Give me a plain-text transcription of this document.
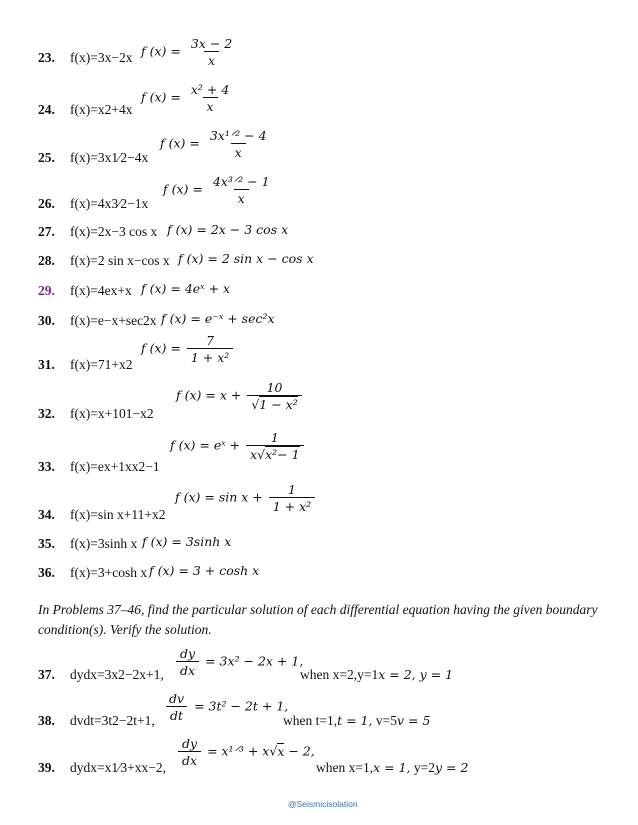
23. f(x)=3x−2x f $(x) = \frac{3x - 2}{x}$
24. f(x)=x2+4x
f $(x) = \frac{\text{x² + 4}}{x}$
25. f(x)=3x1⁄2−4x
f $(x) = \frac{\text{3x¹ᐟ² − 4}}{x}$
26. f(x)=4x3⁄2−1x
f $(x) = \frac{\text{4x³ᐟ² − 1}}{x}$
27. f(x)=2x−3 cos x f (x) = 2x − 3 cos x
28. f(x)=2 sin x−cos x f (x) = 2 sin x − cos x
29. f(x)=4ex+x f (x) = 4eˣ + x
30. f(x)=e−x+sec2x f (x) = e⁻ˣ + sec²x
31. f(x)=71+x2
f $(x) = \frac{7}{\text{1 + x²}}$
32. f(x)=x+101−x2
f $(x) = x + \frac{10}{\text{√1 − x²}}$
33. f(x)=ex+1xx2−1
f (x) = eˣ + $\frac{1}{\text{x√x²− 1}}$
34. f(x)=sin x+11+x2
f $(x) = \sin x + \frac{1}{\text{1 + x²}}$
35. f(x)=3sinh x f (x) = 3sinh x
36. f(x)=3+cosh x f (x) = 3 + cosh x
In Problems 37–46, find the particular solution of each differential equation having the given boundary condition(s). Verify the solution.
37. dydx=3x2−2x+1, $\frac{dy}{dx} = 3x^2 - 2x + 1$,
when x=2,y=1x = 2, y = 1
38. dvdt=3t2−2t+1, $\frac{dv}{dt} = 3t^2 - 2t + 1$,
when t=1,t = 1, v=5v = 5
39. dydx=x1⁄3+xx−2, $\frac{dy}{dx}$ = x¹ᐟ³ + x√x − 2,
when x=1,x = 1, y=2y = 2
@Seismicisolation
